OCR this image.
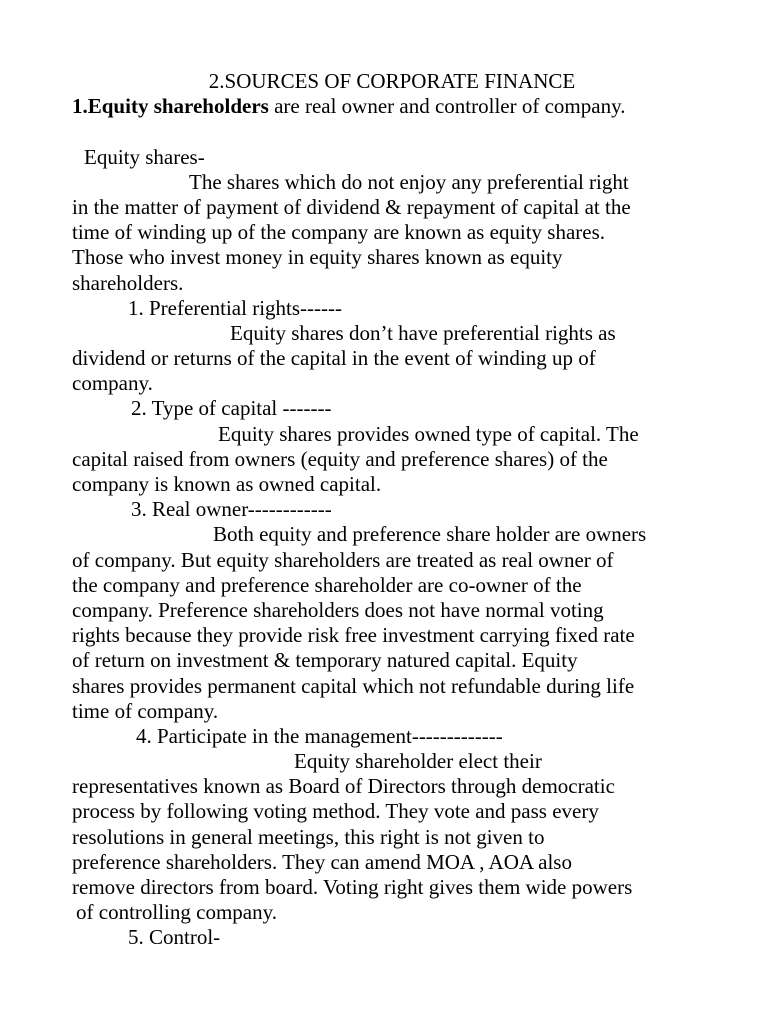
2.SOURCES OF CORPORATE FINANCE
1.Equity shareholders are real owner and controller of company.
Equity shares-
The shares which do not enjoy any preferential right
in the matter of payment of dividend & repayment of capital at the
time of winding up of the company are known as equity shares.
Those who invest money in equity shares known as equity
shareholders.
1. Preferential rights------
Equity shares don’t have preferential rights as
dividend or returns of the capital in the event of winding up of
company.
2. Type of capital -------
Equity shares provides owned type of capital. The
capital raised from owners (equity and preference shares) of the
company is known as owned capital.
3. Real owner------------
Both equity and preference share holder are owners
of company. But equity shareholders are treated as real owner of
the company and preference shareholder are co-owner of the
company. Preference shareholders does not have normal voting
rights because they provide risk free investment carrying fixed rate
of return on investment & temporary natured capital. Equity
shares provides permanent capital which not refundable during life
time of company.
4. Participate in the management-------------
Equity shareholder elect their
representatives known as Board of Directors through democratic
process by following voting method. They vote and pass every
resolutions in general meetings, this right is not given to
preference shareholders. They can amend MOA , AOA also
remove directors from board. Voting right gives them wide powers
of controlling company.
5. Control-
